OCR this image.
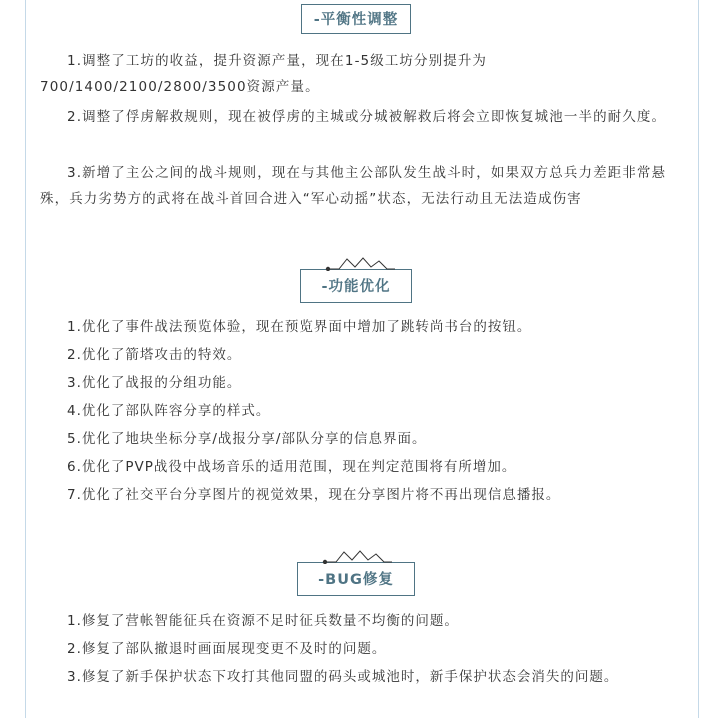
-平衡性调整

1.调整了工坊的收益，提升资源产量，现在1-5级工坊分别提升为700/1400/2100/2800/3500资源产量。

2.调整了俘虏解救规则，现在被俘虏的主城或分城被解救后将会立即恢复城池一半的耐久度。

3.新增了主公之间的战斗规则，现在与其他主公部队发生战斗时，如果双方总兵力差距非常悬殊，兵力劣势方的武将在战斗首回合进入“军心动摇”状态，无法行动且无法造成伤害

-功能优化

1.优化了事件战法预览体验，现在预览界面中增加了跳转尚书台的按钮。

2.优化了箭塔攻击的特效。

3.优化了战报的分组功能。

4.优化了部队阵容分享的样式。

5.优化了地块坐标分享/战报分享/部队分享的信息界面。

6.优化了PVP战役中战场音乐的适用范围，现在判定范围将有所增加。

7.优化了社交平台分享图片的视觉效果，现在分享图片将不再出现信息播报。

-BUG修复

1.修复了营帐智能征兵在资源不足时征兵数量不均衡的问题。

2.修复了部队撤退时画面展现变更不及时的问题。

3.修复了新手保护状态下攻打其他同盟的码头或城池时，新手保护状态会消失的问题。
